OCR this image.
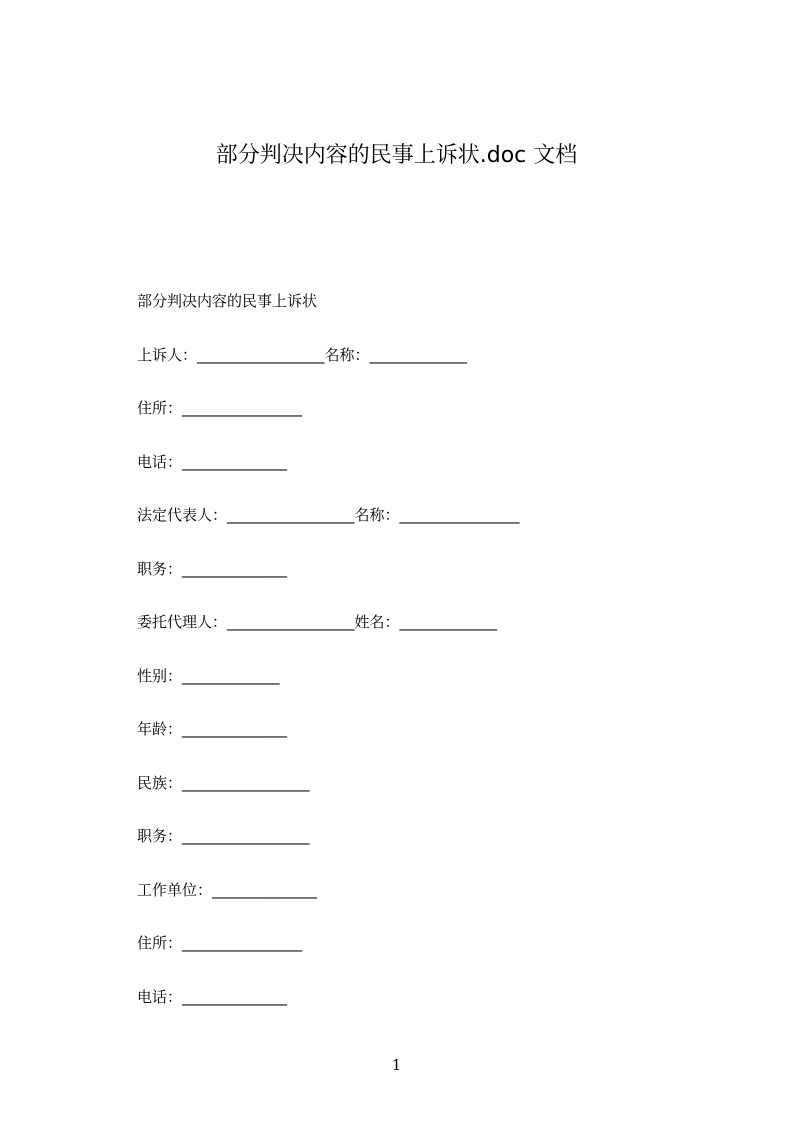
部分判决内容的民事上诉状.doc 文档
部分判决内容的民事上诉状
上诉人：_________________名称：_____________
住所：________________
电话：______________
法定代表人：_________________名称：________________
职务：______________
委托代理人：_________________姓名：_____________
性别：_____________
年龄：______________
民族：_________________
职务：_________________
工作单位：______________
住所：________________
电话：______________
1
